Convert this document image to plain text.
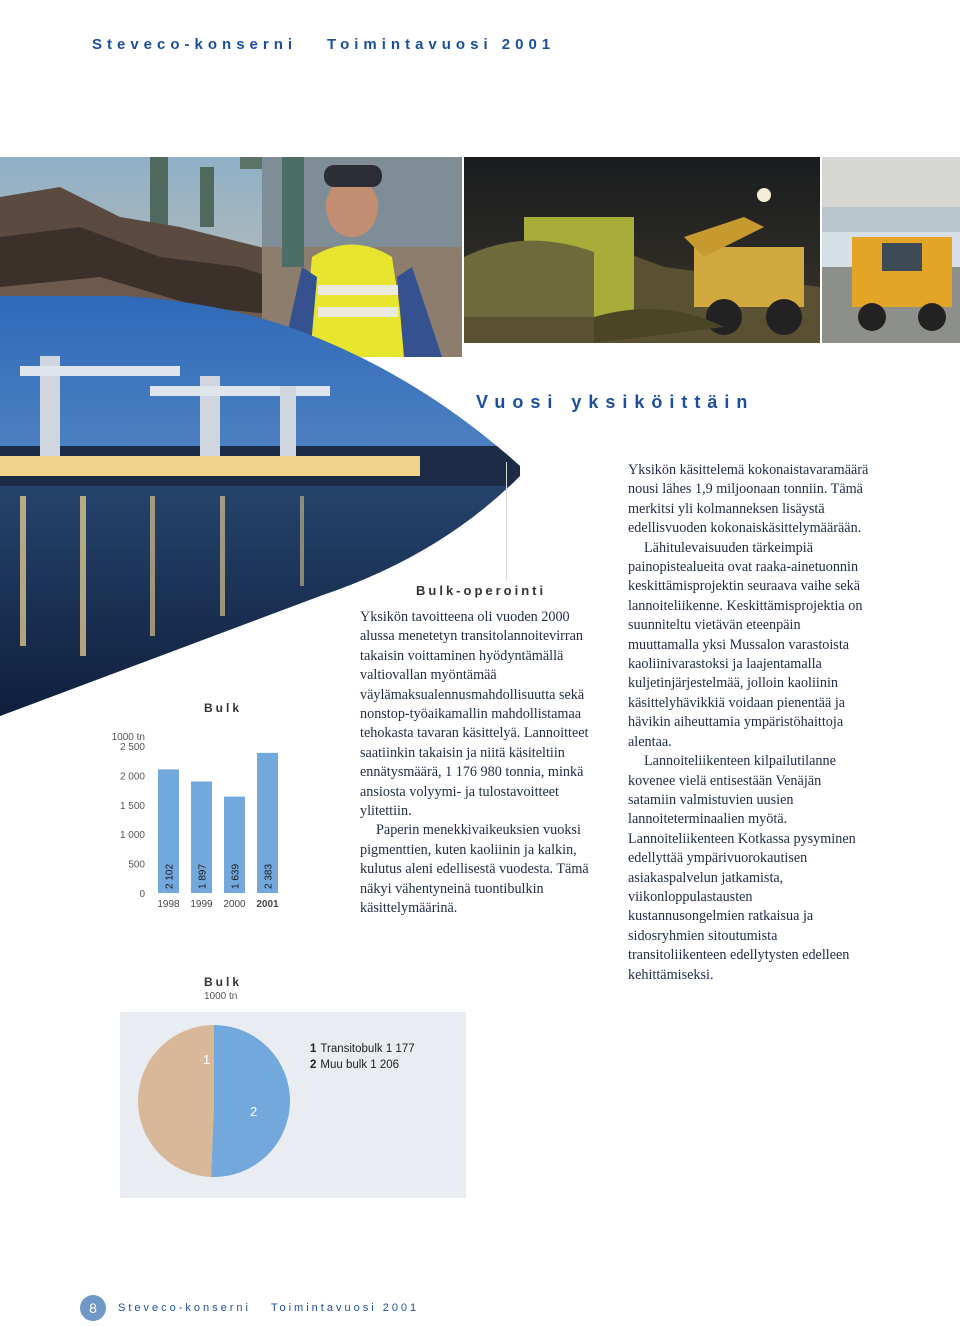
Steveco-konserni Toimintavuosi 2001
Vuosi yksiköittäin
Bulk-operointi

Yksikön tavoitteena oli vuoden 2000 alussa menetetyn transitolannoitevirran takaisin voittaminen hyödyntämällä valtiovallan myöntämää väylämaksualennusmahdollisuutta sekä nonstop-työaikamallin mahdollistamaa tehokasta tavaran käsittelyä. Lannoitteet saatiinkin takaisin ja niitä käsiteltiin ennätysmäärä, 1 176 980 tonnia, minkä ansiosta volyymi- ja tulostavoitteet ylitettiin.

Paperin menekkivaikeuksien vuoksi pigmenttien, kuten kaoliinin ja kalkin, kulutus aleni edellisestä vuodesta. Tämä näkyi vähentyneinä tuontibulkin käsittelymäärinä.

Yksikön käsittelemä kokonaistavaramäärä nousi lähes 1,9 miljoonaan tonniin. Tämä merkitsi yli kolmanneksen lisäystä edellisvuoden kokonaiskäsittelymäärään.

Lähitulevaisuuden tärkeimpiä painopistealueita ovat raaka-ainetuonnin keskittämisprojektin seuraava vaihe sekä lannoiteliikenne. Keskittämisprojektia on suunniteltu vietävän eteenpäin muuttamalla yksi Mussalon varastoista kaoliinivarastoksi ja laajentamalla kuljetinjärjestelmää, jolloin kaoliinin käsittelyhävikkiä voidaan pienentää ja hävikin aiheuttamia ympäristöhaittoja alentaa.

Lannoiteliikenteen kilpailutilanne kovenee vielä entisestään Venäjän satamiin valmistuvien uusien lannoiteterminaalien myötä. Lannoiteliikenteen Kotkassa pysyminen edellyttää ympärivuorokautisen asiakaspalvelun jatkamista, viikonloppulastausten kustannusongelmien ratkaisua ja sidosryhmien sitoutumista transitoliikenteen edellytysten edelleen kehittämiseksi.

Bulk
1000 tn
0
500
1 000
1 500
2 000
2 500
2 102
1998
1 897
1999
1 639
2000
2 383
2001
Bulk
1000 tn
1
2
1 Transitobulk 1 177
2 Muu bulk 1 206
8	Steveco-konserni Toimintavuosi 2001
